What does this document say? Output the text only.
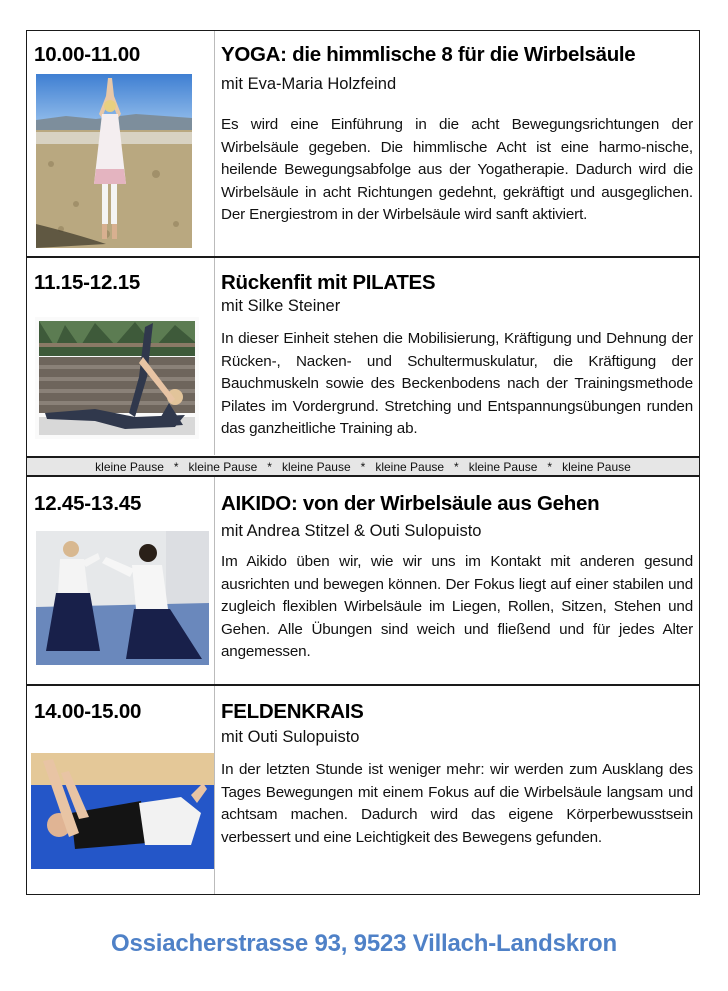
10.00-11.00	YOGA: die himmlische 8 für die Wirbelsäule
mit Eva-Maria Holzfeind
Es wird eine Einführung in die acht Bewegungsrichtungen der Wirbelsäule gegeben. Die himmlische Acht ist eine harmo-nische, heilende Bewegungsabfolge aus der Yogatherapie. Dadurch wird die Wirbelsäule in acht Richtungen gedehnt, gekräftigt und ausgeglichen. Der Energiestrom in der Wirbelsäule wird sanft aktiviert.
11.15-12.15	Rückenfit mit PILATES
mit Silke Steiner
In dieser Einheit stehen die Mobilisierung, Kräftigung und Dehnung der Rücken-, Nacken- und Schultermuskulatur, die Kräftigung der Bauchmuskeln sowie des Beckenbodens nach der Trainingsmethode Pilates im Vordergrund. Stretching und Entspannungsübungen runden das ganzheitliche Training ab.
kleine Pause   *   kleine Pause   *   kleine Pause   *   kleine Pause   *   kleine Pause   *   kleine Pause
12.45-13.45	AIKIDO: von der Wirbelsäule aus Gehen
mit Andrea Stitzel & Outi Sulopuisto
Im Aikido üben wir, wie wir uns im Kontakt mit anderen gesund ausrichten und bewegen können. Der Fokus liegt auf einer stabilen und zugleich flexiblen Wirbelsäule im Liegen, Rollen, Sitzen, Stehen und Gehen. Alle Übungen sind weich und fließend und für jedes Alter angemessen.
14.00-15.00	FELDENKRAIS
mit Outi Sulopuisto
In der letzten Stunde ist weniger mehr: wir werden zum Ausklang des Tages Bewegungen mit einem Fokus auf die Wirbelsäule langsam und achtsam machen. Dadurch wird das eigene Körperbewusstsein verbessert und eine Leichtigkeit des Bewegens gefunden.
Ossiacherstrasse 93, 9523 Villach-Landskron
